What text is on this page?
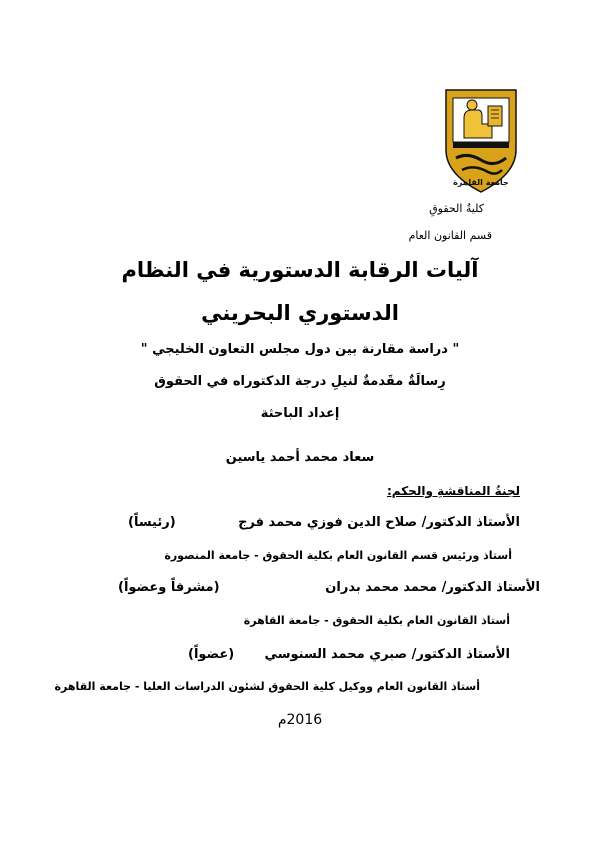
جامعة القاهرة
كليةُ الحقوقِ
قسم القانون العام
آليات الرقابة الدستورية في النظام
الدستوري البحريني
" دراسة مقارنة بين دول مجلس التعاون الخليجي "
رِسالَةٌ مقَدمةٌ لنيلِ درجة الدكتوراه في الحقوق
إعداد الباحثة
سعاد محمد أحمد ياسين
لجنةُ المناقشةِ والحكم:
الأستاذ الدكتور/ صلاح الدين فوزي محمد فرج
(رئيساً)
أستاذ ورئيس قسم القانون العام بكلية الحقوق - جامعة المنصورة
الأستاذ الدكتور/ محمد محمد بدران
(مشرفاً وعضواً)
أستاذ القانون العام بكلية الحقوق - جامعة القاهرة
الأستاذ الدكتور/ صبري محمد السنوسي
(عضواً)
أستاذ القانون العام ووكيل كلية الحقوق لشئون الدراسات العليا - جامعة القاهرة
2016م
